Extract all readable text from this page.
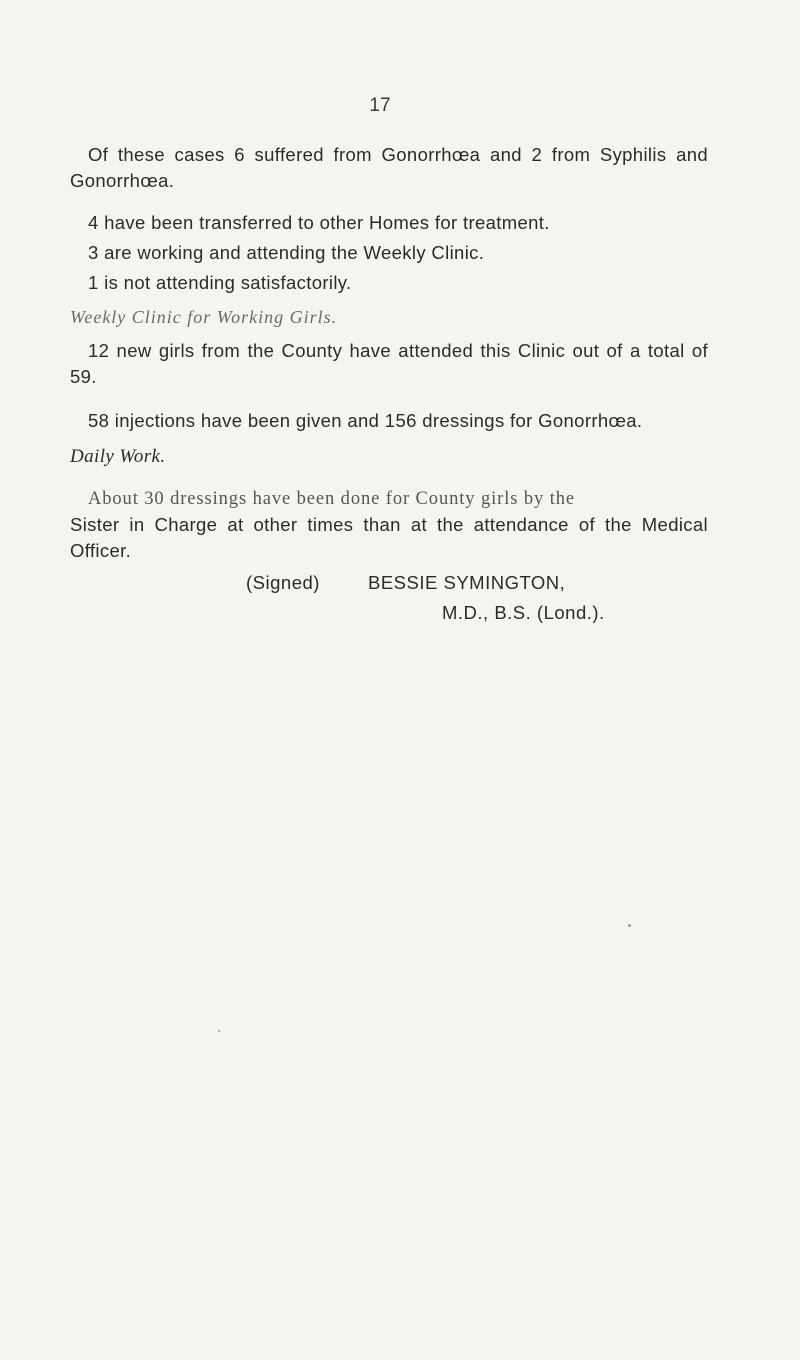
17

Of these cases 6 suffered from Gonorrhœa and 2 from Syphilis and Gonorrhœa.

4 have been transferred to other Homes for treatment.

3 are working and attending the Weekly Clinic.

1 is not attending satisfactorily.

Weekly Clinic for Working Girls.

12 new girls from the County have attended this Clinic out of a total of 59.

58 injections have been given and 156 dressings for Gonorrhœa.

Daily Work.

About 30 dressings have been done for County girls by the

Sister in Charge at other times than at the attendance of the Medical Officer.

(Signed)	BESSIE SYMINGTON,

M.D., B.S. (Lond.).
